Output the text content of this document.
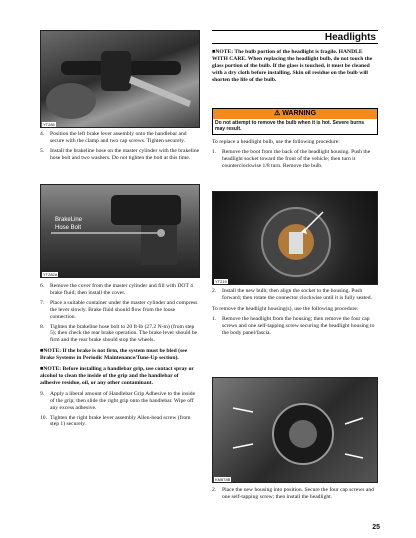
YT285
4.	Position the left brake lever assembly onto the handlebar and secure with the clamp and two cap screws. Tighten securely.
5.	Install the brakeline hose on the master cylinder with the brakeline hose bolt and two washers. Do not tighten the bolt at this time.
BrakeLine
Hose Bolt
YT282A
6.	Remove the cover from the master cylinder and fill with DOT 4 brake fluid; then install the cover.
7.	Place a suitable container under the master cylinder and compress the lever slowly. Brake fluid should flow from the loose connection.
8.	Tighten the brakeline hose bolt to 20 ft-lb (27.2 N-m) (from step 5); then check the rear brake operation. The brake lever should be firm and the rear brake should stop the wheels.
■NOTE: If the brake is not firm, the system must be bled (see Brake Systems in Periodic Maintenance/Tune-Up section).
■NOTE: Before installing a handlebar grip, use contact spray or alcohol to clean the inside of the grip and the handlebar of adhesive residue, oil, or any other contaminant.
9.	Apply a liberal amount of Handlebar Grip Adhesive to the inside of the grip; then slide the right grip onto the handlebar. Wipe off any excess adhesive.
10. Tighten the right brake lever assembly Allen-head screw (from step 1) securely.
Headlights
■NOTE: The bulb portion of the headlight is fragile. HANDLE WITH CARE. When replacing the headlight bulb, do not touch the glass portion of the bulb. If the glass is touched, it must be cleaned with a dry cloth before installing. Skin oil residue on the bulb will shorten the life of the bulb.
⚠ WARNING
Do not attempt to remove the bulb when it is hot. Severe burns may result.
To replace a headlight bulb, use the following procedure:
1.	Remove the boot from the back of the headlight housing. Push the headlight socket toward the front of the vehicle; then turn it counterclockwise 1/8 turn. Remove the bulb.
YT219
2.	Install the new bulb; then align the socket to the housing. Push forward; then rotate the connector clockwise until it is fully seated.
To remove the headlight housing(s), use the following procedure:
1.	Remove the headlight from the housing; then remove the four cap screws and one self-tapping screw securing the headlight housing to the body panel/fascia.
KM878B
2.	Place the new housing into position. Secure the four cap screws and one self-tapping screw; then install the headlight.
25
